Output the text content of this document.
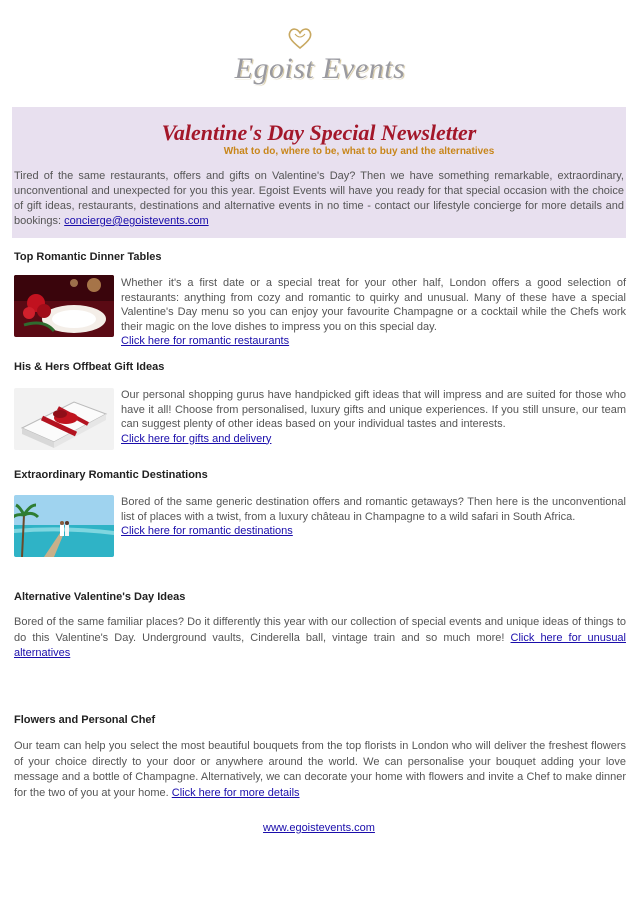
Egoist Events
Valentine's Day Special Newsletter
What to do, where to be, what to buy and the alternatives
Tired of the same restaurants, offers and gifts on Valentine's Day? Then we have something remarkable, extraordinary, unconventional and unexpected for you this year. Egoist Events will have you ready for that special occasion with the choice of gift ideas, restaurants, destinations and alternative events in no time - contact our lifestyle concierge for more details and bookings: concierge@egoistevents.com
Top Romantic Dinner Tables
Whether it's a first date or a special treat for your other half, London offers a good selection of restaurants: anything from cozy and romantic to quirky and unusual. Many of these have a special Valentine's Day menu so you can enjoy your favourite Champagne or a cocktail while the Chefs work their magic on the love dishes to impress you on this special day.
Click here for romantic restaurants
His & Hers Offbeat Gift Ideas
Our personal shopping gurus have handpicked gift ideas that will impress and are suited for those who have it all! Choose from personalised, luxury gifts and unique experiences. If you still unsure, our team can suggest plenty of other ideas based on your individual tastes and interests.
Click here for gifts and delivery
Extraordinary Romantic Destinations
Bored of the same generic destination offers and romantic getaways? Then here is the unconventional list of places with a twist, from a luxury château in Champagne to a wild safari in South Africa.
Click here for romantic destinations
Alternative Valentine's Day Ideas
Bored of the same familiar places? Do it differently this year with our collection of special events and unique ideas of things to do this Valentine's Day. Underground vaults, Cinderella ball, vintage train and so much more! Click here for unusual alternatives
Flowers and Personal Chef
Our team can help you select the most beautiful bouquets from the top florists in London who will deliver the freshest flowers of your choice directly to your door or anywhere around the world. We can personalise your bouquet adding your love message and a bottle of Champagne. Alternatively, we can decorate your home with flowers and invite a Chef to make dinner for the two of you at your home. Click here for more details
www.egoistevents.com
